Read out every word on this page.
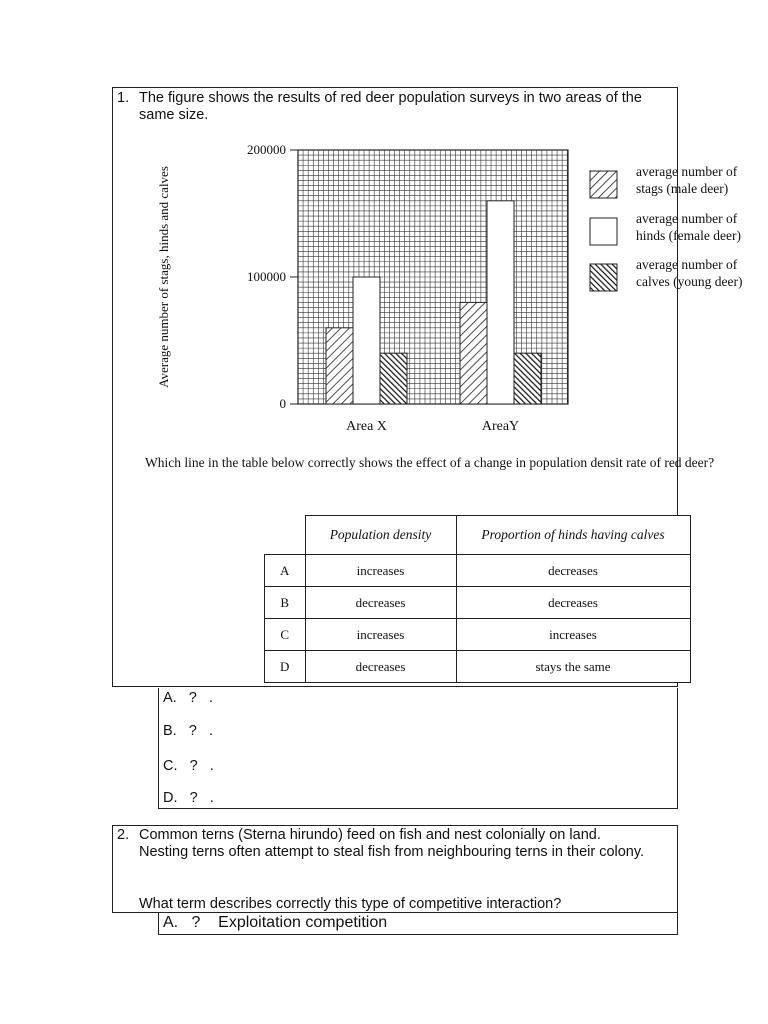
1. The figure shows the results of red deer population surveys in two areas of the same size.
0
100000
200000
Area X	AreaY
average number of
stags (male deer)
average number of
hinds (female deer)
average number of
calves (young deer)
Average number of stags, hinds and calves
Which line in the table below correctly shows the effect of a change in population densit rate of red deer?
	Population density	Proportion of hinds having calves
A	increases	decreases
B	decreases	decreases
C	increases	increases
D	decreases	stays the same
A. ? .
B. ? .
C. ? .
D. ? .
2. Common terns (Sterna hirundo) feed on fish and nest colonially on land. Nesting terns often attempt to steal fish from neighbouring terns in their colony.
What term describes correctly this type of competitive interaction?
A. ? Exploitation competition
